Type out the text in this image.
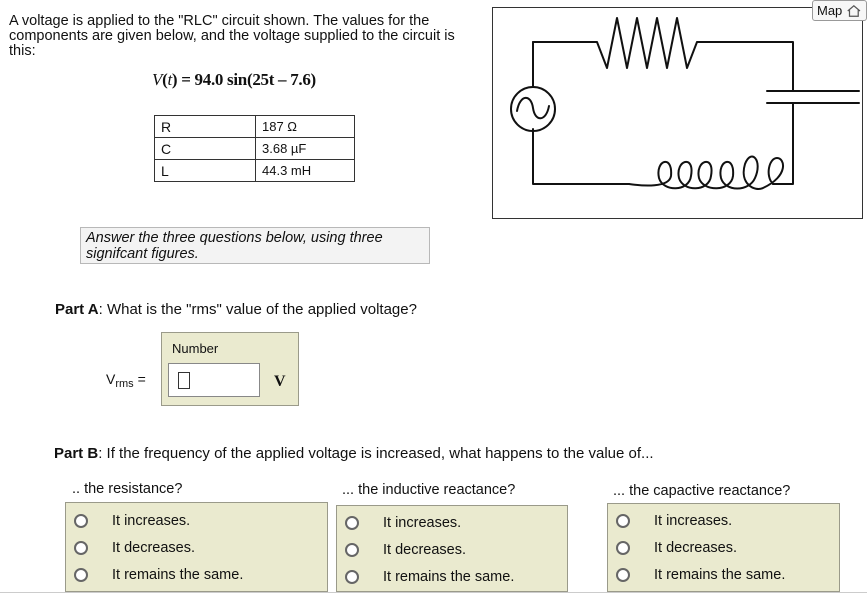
A voltage is applied to the "RLC" circuit shown. The values for the components are given below, and the voltage supplied to the circuit is this:
V(t) = 94.0 sin(25t – 7.6)
R	187 Ω
C	3.68 µF
L	44.3 mH
Answer the three questions below, using three signifcant figures.
Map
Part A: What is the "rms" value of the applied voltage?
$V_{rms}$ =
Number
V
Part B: If the frequency of the applied voltage is increased, what happens to the value of...
.. the resistance?
It increases.
It decreases.
It remains the same.
... the inductive reactance?
It increases.
It decreases.
It remains the same.
... the capactive reactance?
It increases.
It decreases.
It remains the same.
